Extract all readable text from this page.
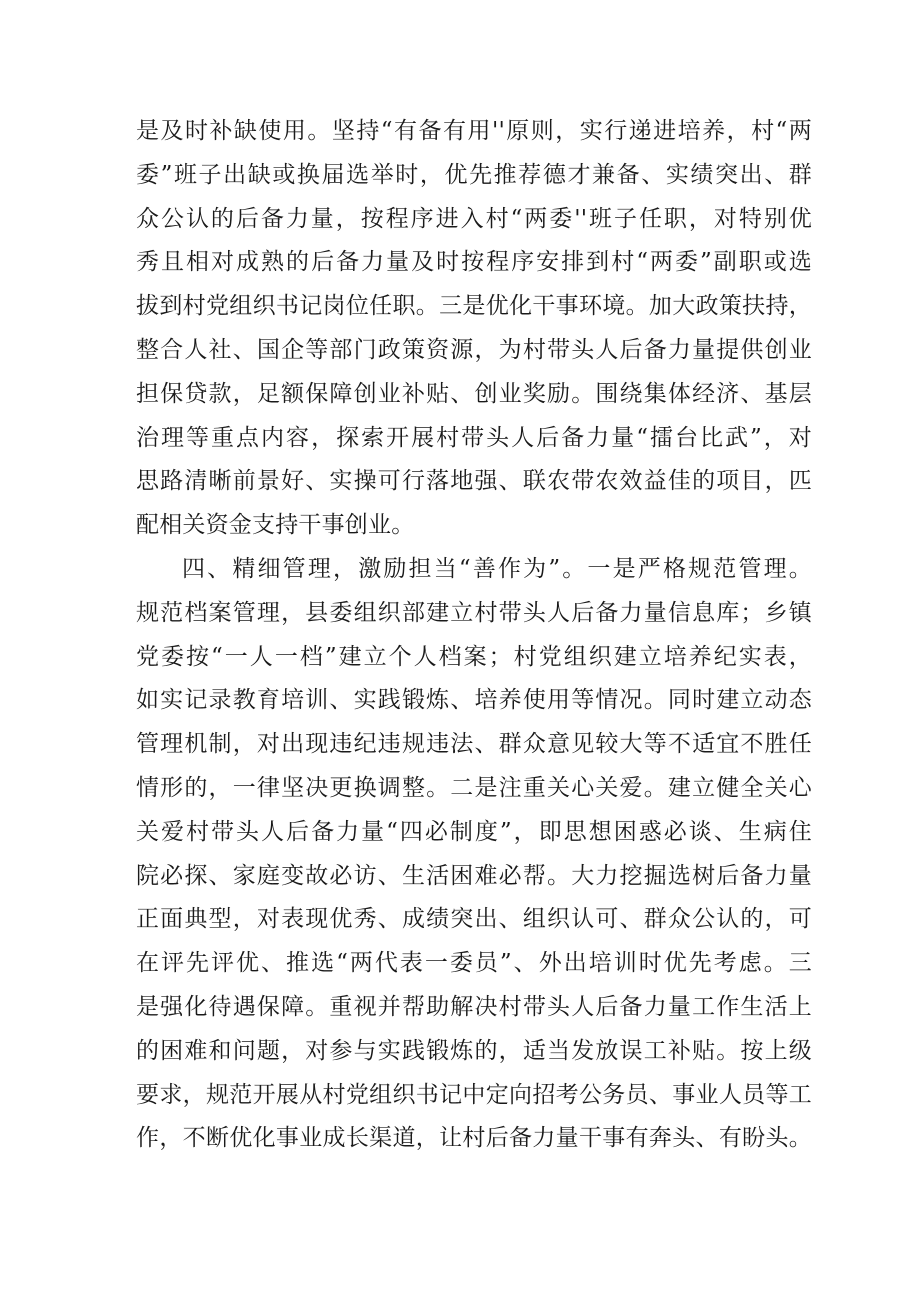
是及时补缺使用。坚持“有备有用''原则，实行递进培养，村“两
委”班子出缺或换届选举时，优先推荐德才兼备、实绩突出、群
众公认的后备力量，按程序进入村“两委''班子任职，对特别优
秀且相对成熟的后备力量及时按程序安排到村“两委”副职或选
拔到村党组织书记岗位任职。三是优化干事环境。加大政策扶持，
整合人社、国企等部门政策资源，为村带头人后备力量提供创业
担保贷款，足额保障创业补贴、创业奖励。围绕集体经济、基层
治理等重点内容，探索开展村带头人后备力量“擂台比武”，对
思路清晰前景好、实操可行落地强、联农带农效益佳的项目，匹
配相关资金支持干事创业。
四、精细管理，激励担当“善作为”。一是严格规范管理。
规范档案管理，县委组织部建立村带头人后备力量信息库；乡镇
党委按“一人一档”建立个人档案；村党组织建立培养纪实表，
如实记录教育培训、实践锻炼、培养使用等情况。同时建立动态
管理机制，对出现违纪违规违法、群众意见较大等不适宜不胜任
情形的，一律坚决更换调整。二是注重关心关爱。建立健全关心
关爱村带头人后备力量“四必制度”，即思想困惑必谈、生病住
院必探、家庭变故必访、生活困难必帮。大力挖掘选树后备力量
正面典型，对表现优秀、成绩突出、组织认可、群众公认的，可
在评先评优、推选“两代表一委员”、外出培训时优先考虑。三
是强化待遇保障。重视并帮助解决村带头人后备力量工作生活上
的困难和问题，对参与实践锻炼的，适当发放误工补贴。按上级
要求，规范开展从村党组织书记中定向招考公务员、事业人员等工
作，不断优化事业成长渠道，让村后备力量干事有奔头、有盼头。
